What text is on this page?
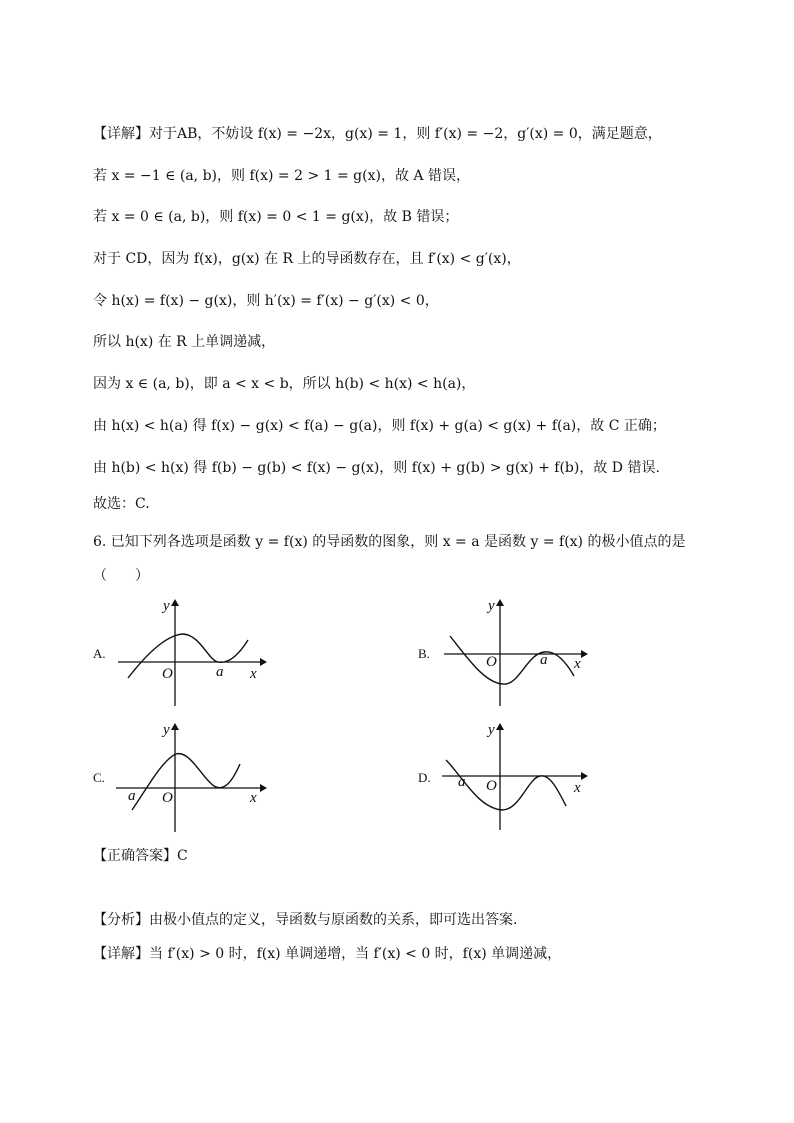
【详解】对于AB，不妨设 f(x) = −2x，g(x) = 1，则 f′(x) = −2，g′(x) = 0，满足题意，
若 x = −1 ∈ (a, b)，则 f(x) = 2 > 1 = g(x)，故 A 错误，
若 x = 0 ∈ (a, b)，则 f(x) = 0 < 1 = g(x)，故 B 错误；
对于 CD，因为 f(x)，g(x) 在 R 上的导函数存在，且 f′(x) < g′(x)，
令 h(x) = f(x) − g(x)，则 h′(x) = f′(x) − g′(x) < 0，
所以 h(x) 在 R 上单调递减，
因为 x ∈ (a, b)，即 a < x < b，所以 h(b) < h(x) < h(a)，
由 h(x) < h(a) 得 f(x) − g(x) < f(a) − g(a)，则 f(x) + g(a) < g(x) + f(a)，故 C 正确；
由 h(b) < h(x) 得 f(b) − g(b) < f(x) − g(x)，则 f(x) + g(b) > g(x) + f(b)，故 D 错误.
故选：C.
6. 已知下列各选项是函数 y = f(x) 的导函数的图象，则 x = a 是函数 y = f(x) 的极小值点的是
（　　）
A.
y
O	a x
B.
y
O	a x
C.
y
O
a	x
D.
y
O
a	x
【正确答案】C
【分析】由极小值点的定义，导函数与原函数的关系，即可选出答案.
【详解】当 f′(x) > 0 时，f(x) 单调递增，当 f′(x) < 0 时，f(x) 单调递减，
